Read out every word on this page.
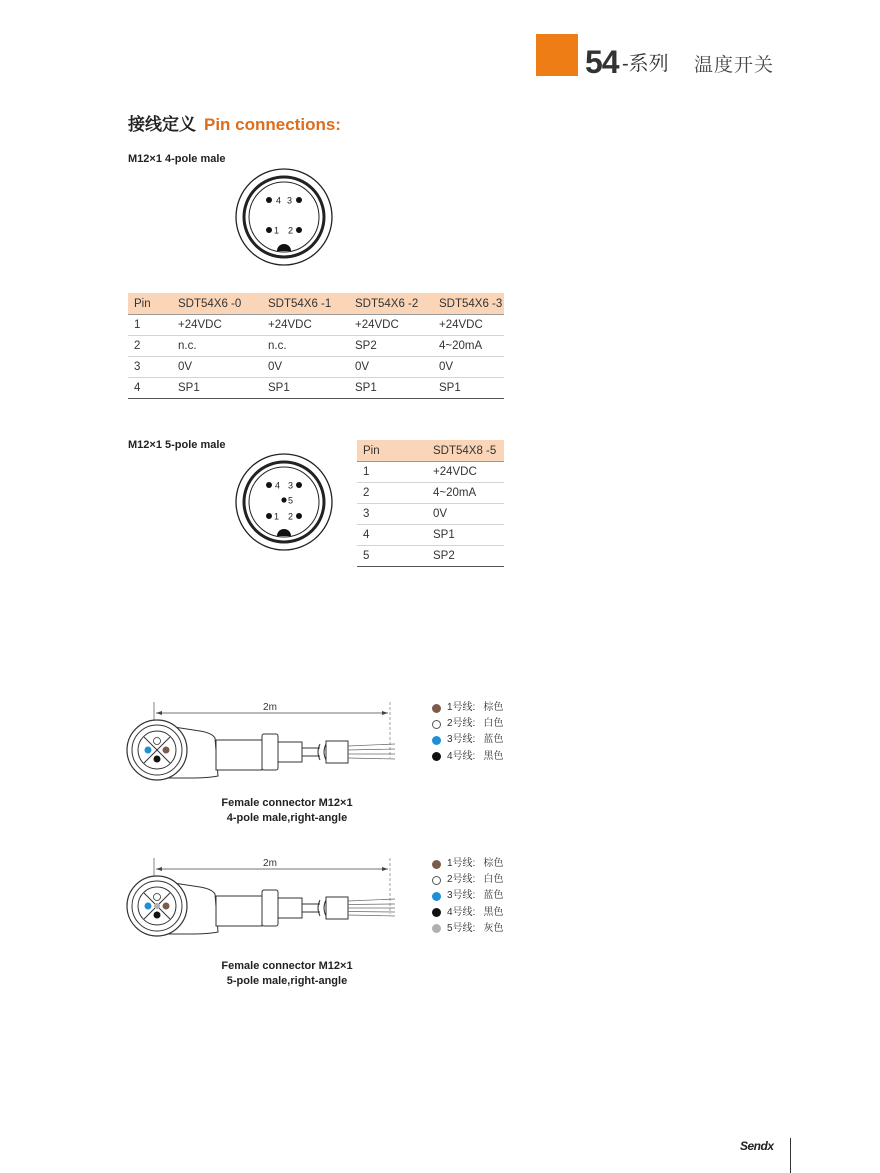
54 -系列 温度开关
接线定义 Pin connections:
M12×1 4-pole male
4 3
1 2
Pin	SDT54X6 -0	SDT54X6 -1	SDT54X6 -2	SDT54X6 -3
1	+24VDC	+24VDC	+24VDC	+24VDC
2	n.c.	n.c.	SP2	4~20mA
3	0V	0V	0V	0V
4	SP1	SP1	SP1	SP1
M12×1 5-pole male
4 3
5
1 2
Pin	SDT54X8 -5
1	+24VDC
2	4~20mA
3	0V
4	SP1
5	SP2
2m	1号线: 棕色
2号线: 白色
3号线: 蓝色
4号线: 黑色
Female connector M12×1
4-pole male,right-angle
2m	1号线: 棕色
2号线: 白色
3号线: 蓝色
4号线: 黑色
5号线: 灰色
Female connector M12×1
5-pole male,right-angle
Sendx
